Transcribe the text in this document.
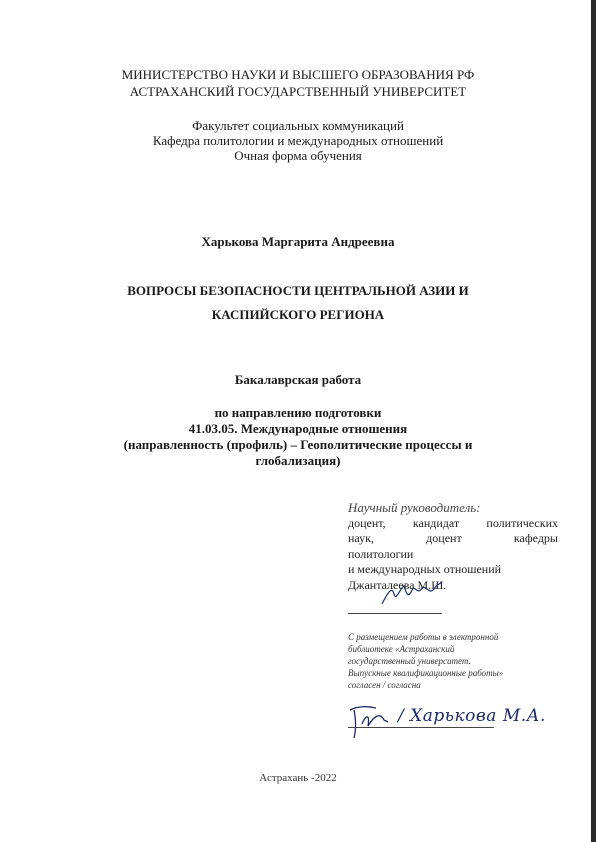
МИНИСТЕРСТВО НАУКИ И ВЫСШЕГО ОБРАЗОВАНИЯ РФ
АСТРАХАНСКИЙ ГОСУДАРСТВЕННЫЙ УНИВЕРСИТЕТ
Факультет социальных коммуникаций
Кафедра политологии и международных отношений
Очная форма обучения
Харькова Маргарита Андреевна
ВОПРОСЫ БЕЗОПАСНОСТИ ЦЕНТРАЛЬНОЙ АЗИИ И
КАСПИЙСКОГО РЕГИОНА
Бакалаврская работа
по направлению подготовки
41.03.05. Международные отношения
(направленность (профиль) – Геополитические процессы и
глобализация)
Научный руководитель:
доцент, кандидат политических
наук,	доцент	кафедры
политологии
и международных отношений
Джанталеева М.Ш.
С размещением работы в электронной
библиотеке «Астраханский
государственный университет.
Выпускные квалификационные работы»
согласен / согласна
/ Харькова М.А.
Астрахань -2022
